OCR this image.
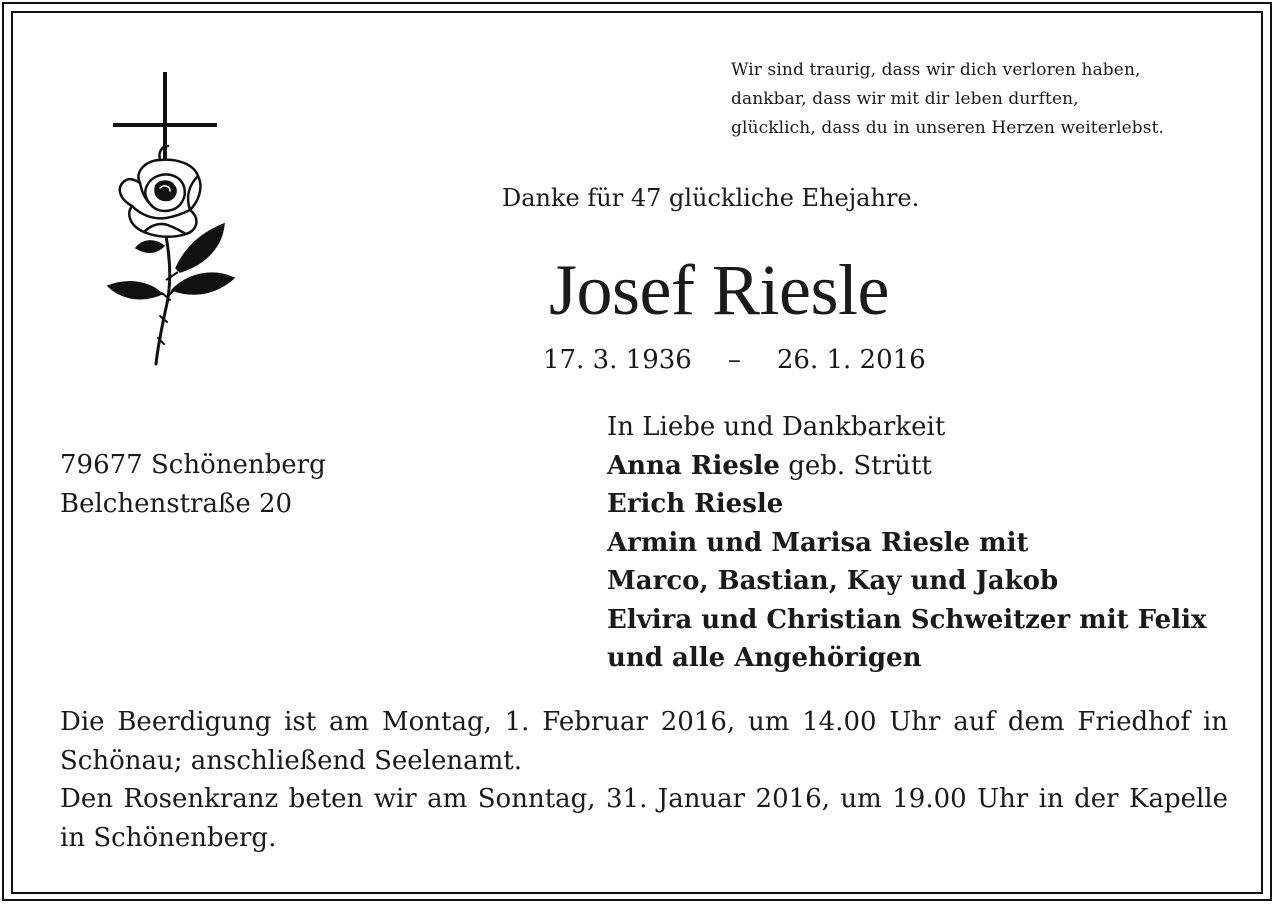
Wir sind traurig, dass wir dich verloren haben,
dankbar, dass wir mit dir leben durften,
glücklich, dass du in unseren Herzen weiterlebst.
Danke für 47 glückliche Ehejahre.
Josef Riesle
17. 3. 1936 – 26. 1. 2016
79677 Schönenberg
Belchenstraße 20
In Liebe und Dankbarkeit
Anna Riesle geb. Strütt
Erich Riesle
Armin und Marisa Riesle mit
Marco, Bastian, Kay und Jakob
Elvira und Christian Schweitzer mit Felix
und alle Angehörigen

Die Beerdigung ist am Montag, 1. Februar 2016, um 14.00 Uhr auf dem Friedhof in Schönau; anschließend Seelenamt.

Den Rosenkranz beten wir am Sonntag, 31. Januar 2016, um 19.00 Uhr in der Kapelle in Schönenberg.
